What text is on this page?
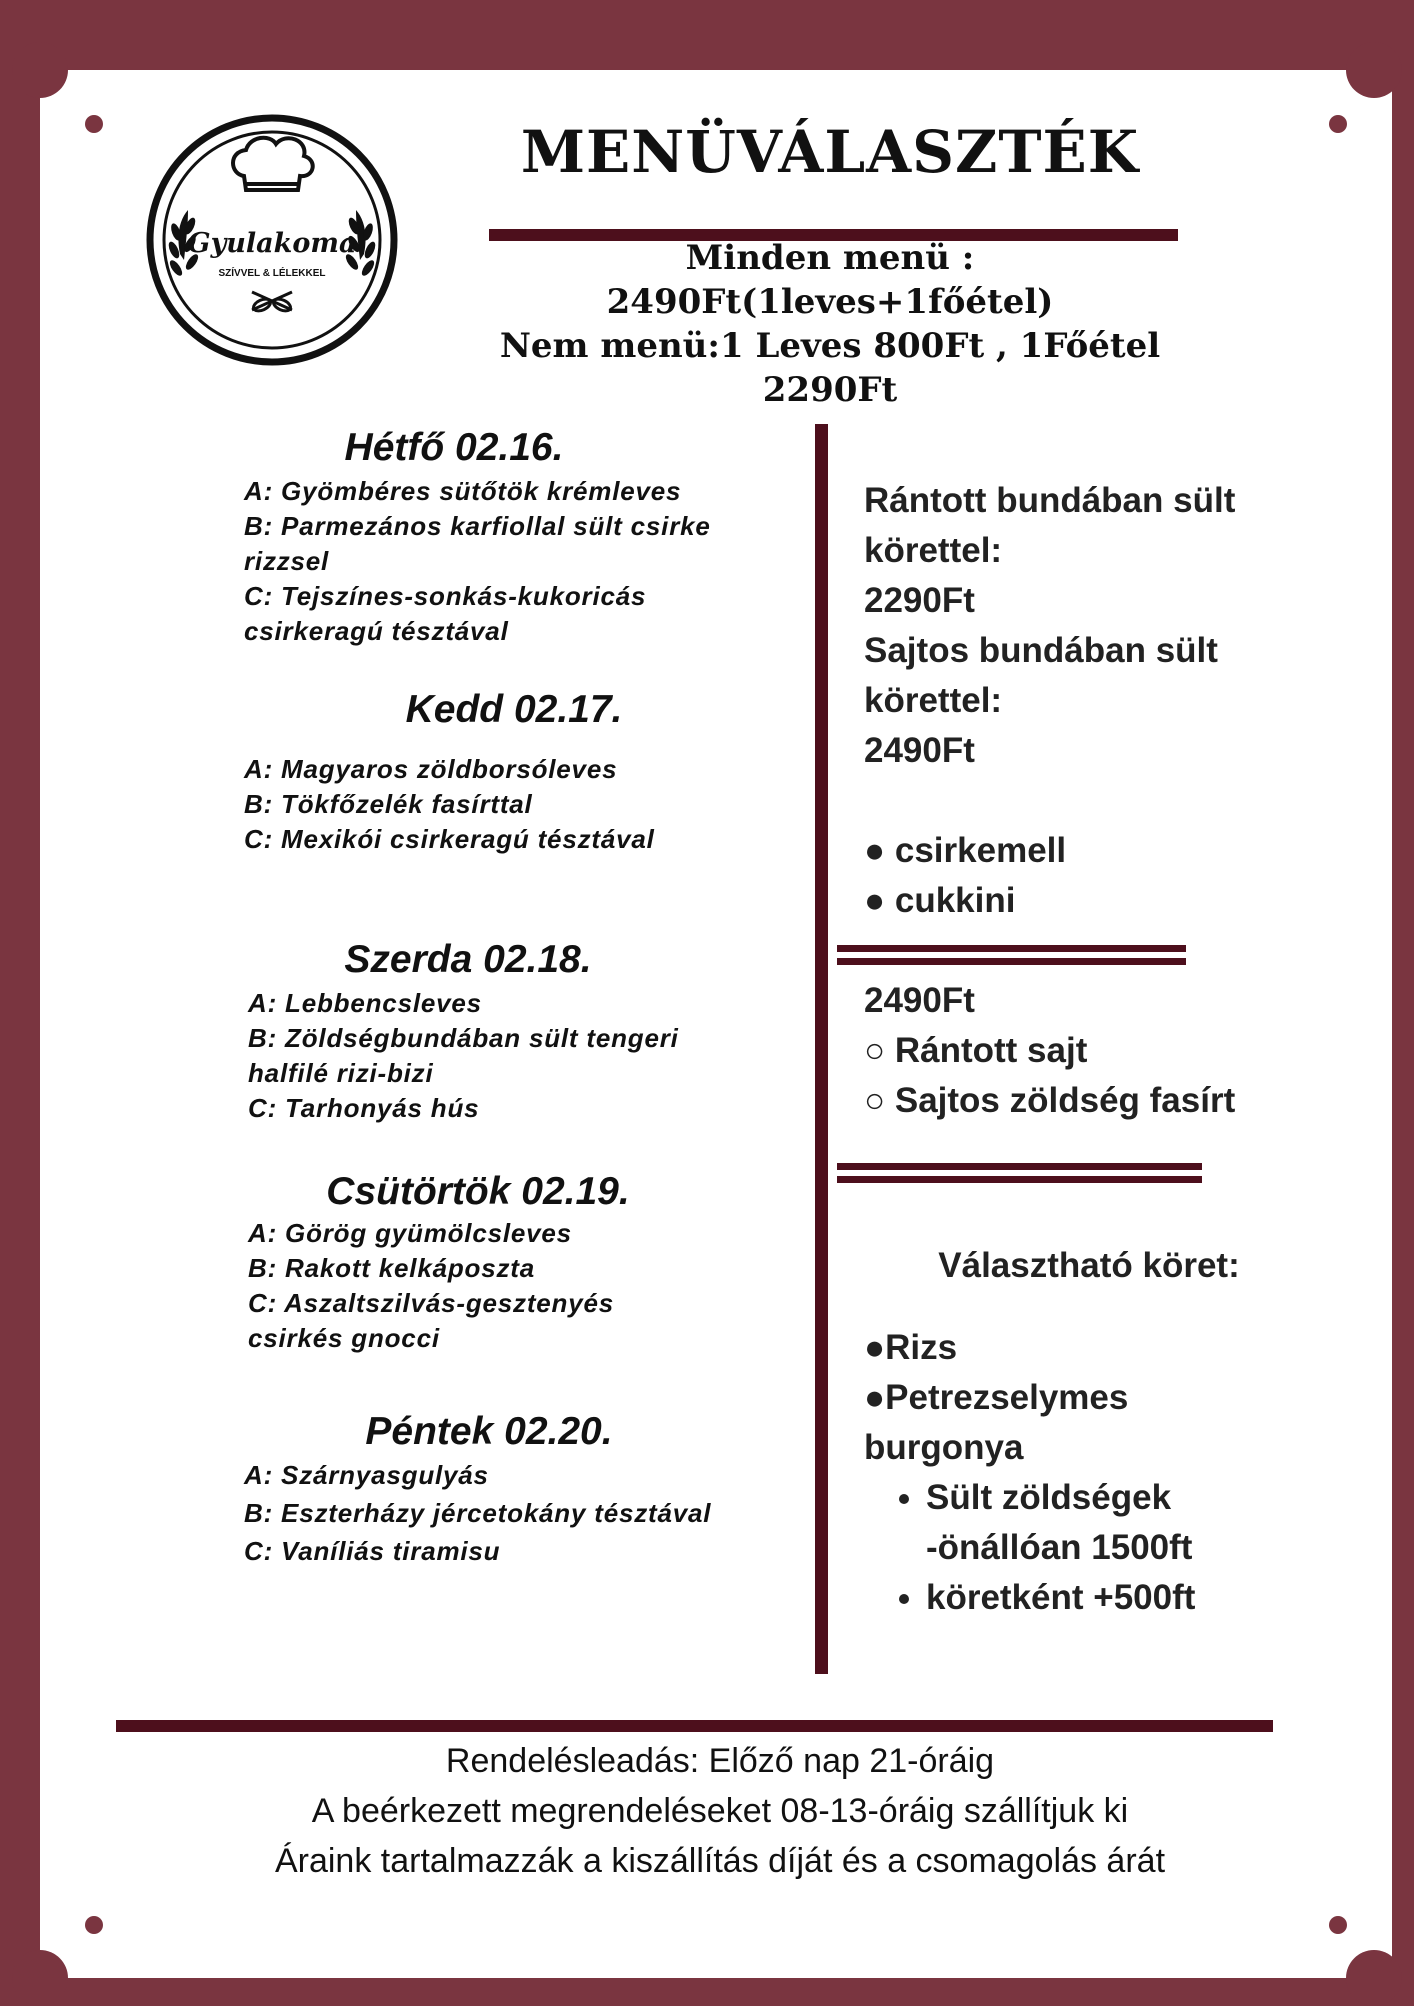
Gyulakoma
SZÍVVEL & LÉLEKKEL
MENÜVÁLASZTÉK
Minden menü :
2490Ft(1leves+1főétel)
Nem menü:1 Leves 800Ft , 1Főétel 2290Ft
Hétfő 02.16.
A: Gyömbéres sütőtök krémleves
B: Parmezános karfiollal sült csirke rizzsel
C: Tejszínes-sonkás-kukoricás csirkeragú tésztával
Kedd 02.17.
A: Magyaros zöldborsóleves
B: Tökfőzelék fasírttal
C: Mexikói csirkeragú tésztával
Szerda 02.18.
A: Lebbencsleves
B: Zöldségbundában sült tengeri halfilé rizi-bizi
C: Tarhonyás hús
Csütörtök 02.19.
A: Görög gyümölcsleves
B: Rakott kelkáposzta
C: Aszaltszilvás-gesztenyés csirkés gnocci
Péntek 02.20.
A: Szárnyasgulyás
B: Eszterházy jércetokány tésztával
C: Vaníliás tiramisu
Rántott bundában sült körettel:
2290Ft
Sajtos bundában sült körettel:
2490Ft
● csirkemell
● cukkini
2490Ft
○ Rántott sajt
○ Sajtos zöldség fasírt
Választható köret:
●Rizs
●Petrezselymes burgonya
• Sült zöldségek -önállóan 1500ft
• köretként +500ft
Rendelésleadás: Előző nap 21-óráig
A beérkezett megrendeléseket 08-13-óráig szállítjuk ki
Áraink tartalmazzák a kiszállítás díját és a csomagolás árát
